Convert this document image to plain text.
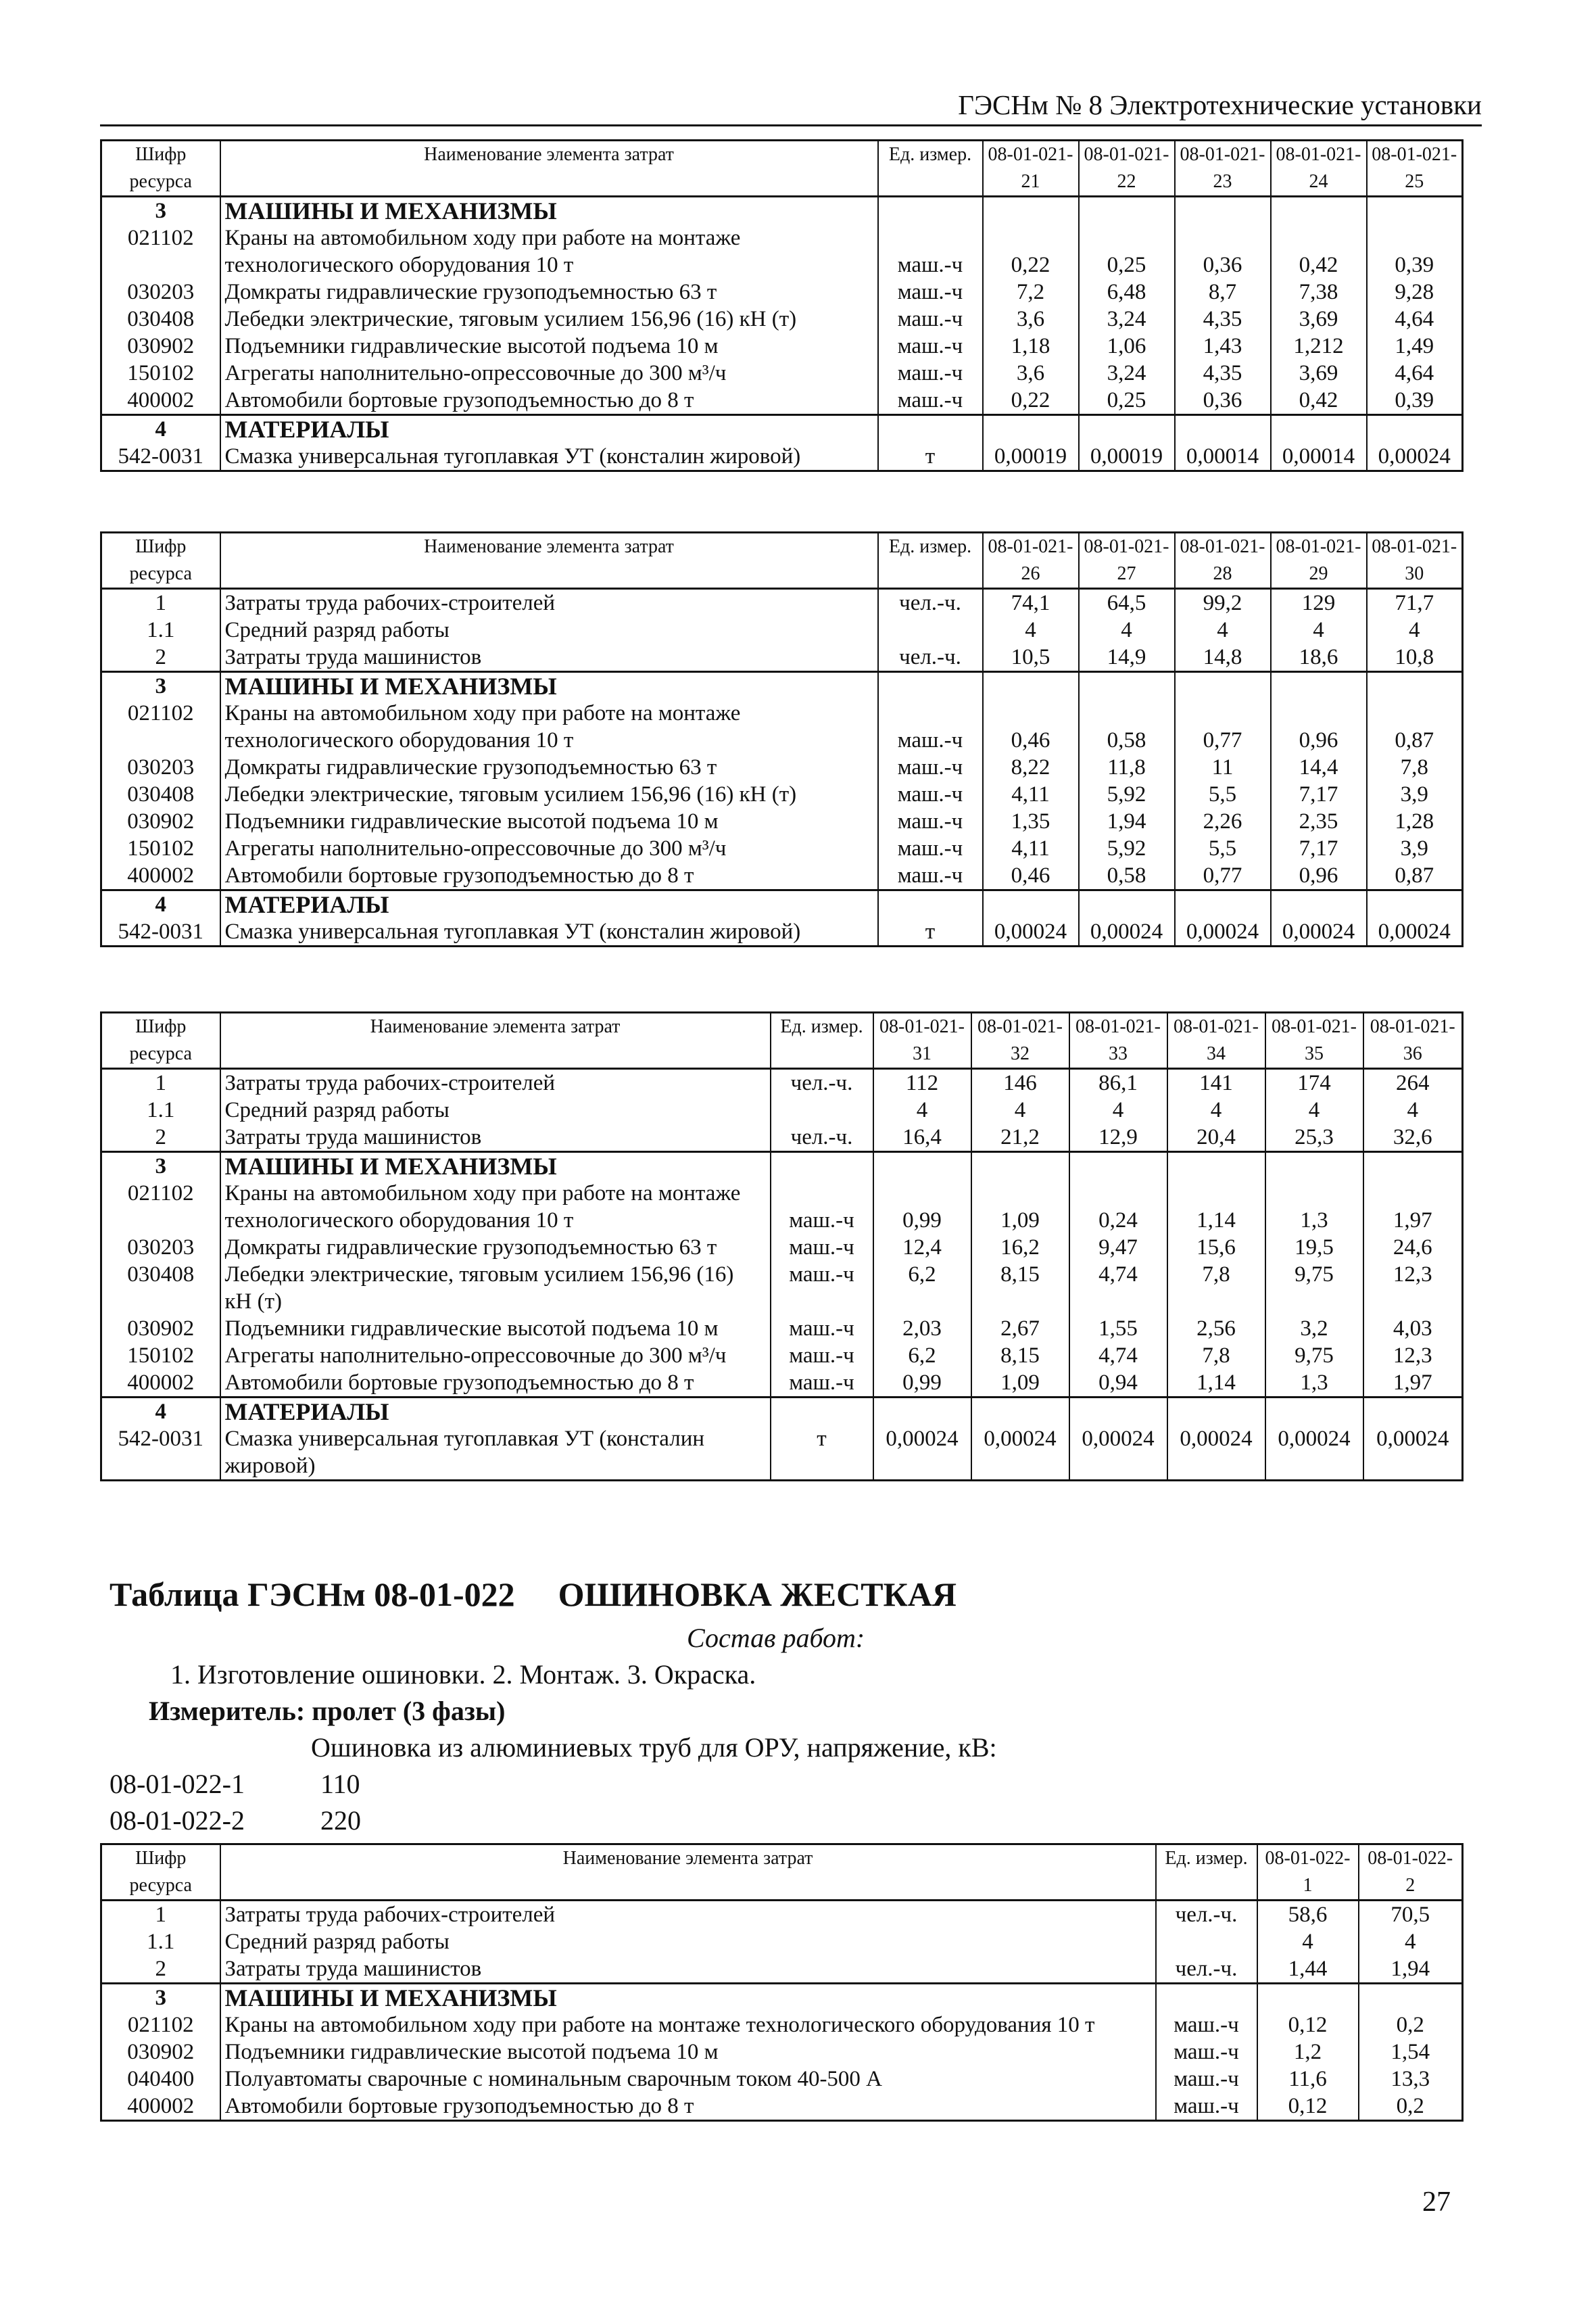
ГЭСНм № 8 Электротехнические установки
Шифр ресурса	Наименование элемента затрат	Ед. измер.	08-01-021-21	08-01-021-22	08-01-021-23	08-01-021-24	08-01-021-25
3	МАШИНЫ И МЕХАНИЗМЫ						
021102	Краны на автомобильном ходу при работе на монтаже технологического оборудования 10 т	маш.-ч	0,22	0,25	0,36	0,42	0,39
030203	Домкраты гидравлические грузоподъемностью 63 т	маш.-ч	7,2	6,48	8,7	7,38	9,28
030408	Лебедки электрические, тяговым усилием 156,96 (16) кН (т)	маш.-ч	3,6	3,24	4,35	3,69	4,64
030902	Подъемники гидравлические высотой подъема 10 м	маш.-ч	1,18	1,06	1,43	1,212	1,49
150102	Агрегаты наполнительно-опрессовочные до 300 м³/ч	маш.-ч	3,6	3,24	4,35	3,69	4,64
400002	Автомобили бортовые грузоподъемностью до 8 т	маш.-ч	0,22	0,25	0,36	0,42	0,39
4	МАТЕРИАЛЫ						
542-0031	Смазка универсальная тугоплавкая УТ (консталин жировой)	т	0,00019	0,00019	0,00014	0,00014	0,00024
Шифр ресурса	Наименование элемента затрат	Ед. измер.	08-01-021-26	08-01-021-27	08-01-021-28	08-01-021-29	08-01-021-30
1	Затраты труда рабочих-строителей	чел.-ч.	74,1	64,5	99,2	129	71,7
1.1	Средний разряд работы		4	4	4	4	4
2	Затраты труда машинистов	чел.-ч.	10,5	14,9	14,8	18,6	10,8
3	МАШИНЫ И МЕХАНИЗМЫ						
021102	Краны на автомобильном ходу при работе на монтаже технологического оборудования 10 т	маш.-ч	0,46	0,58	0,77	0,96	0,87
030203	Домкраты гидравлические грузоподъемностью 63 т	маш.-ч	8,22	11,8	11	14,4	7,8
030408	Лебедки электрические, тяговым усилием 156,96 (16) кН (т)	маш.-ч	4,11	5,92	5,5	7,17	3,9
030902	Подъемники гидравлические высотой подъема 10 м	маш.-ч	1,35	1,94	2,26	2,35	1,28
150102	Агрегаты наполнительно-опрессовочные до 300 м³/ч	маш.-ч	4,11	5,92	5,5	7,17	3,9
400002	Автомобили бортовые грузоподъемностью до 8 т	маш.-ч	0,46	0,58	0,77	0,96	0,87
4	МАТЕРИАЛЫ						
542-0031	Смазка универсальная тугоплавкая УТ (консталин жировой)	т	0,00024	0,00024	0,00024	0,00024	0,00024
Шифр ресурса	Наименование элемента затрат	Ед. измер.	08-01-021-31	08-01-021-32	08-01-021-33	08-01-021-34	08-01-021-35	08-01-021-36
1	Затраты труда рабочих-строителей	чел.-ч.	112	146	86,1	141	174	264
1.1	Средний разряд работы		4	4	4	4	4	4
2	Затраты труда машинистов	чел.-ч.	16,4	21,2	12,9	20,4	25,3	32,6
3	МАШИНЫ И МЕХАНИЗМЫ							
021102	Краны на автомобильном ходу при работе на монтаже технологического оборудования 10 т	маш.-ч	0,99	1,09	0,24	1,14	1,3	1,97
030203	Домкраты гидравлические грузоподъемностью 63 т	маш.-ч	12,4	16,2	9,47	15,6	19,5	24,6
030408	Лебедки электрические, тяговым усилием 156,96 (16) кН (т)	маш.-ч	6,2	8,15	4,74	7,8	9,75	12,3
030902	Подъемники гидравлические высотой подъема 10 м	маш.-ч	2,03	2,67	1,55	2,56	3,2	4,03
150102	Агрегаты наполнительно-опрессовочные до 300 м³/ч	маш.-ч	6,2	8,15	4,74	7,8	9,75	12,3
400002	Автомобили бортовые грузоподъемностью до 8 т	маш.-ч	0,99	1,09	0,94	1,14	1,3	1,97
4	МАТЕРИАЛЫ							
542-0031	Смазка универсальная тугоплавкая УТ (консталин жировой)	т	0,00024	0,00024	0,00024	0,00024	0,00024	0,00024
Таблица ГЭСНм 08-01-022 ОШИНОВКА ЖЕСТКАЯ
Состав работ:
1. Изготовление ошиновки. 2. Монтаж. 3. Окраска.
Измеритель: пролет (3 фазы)
Ошиновка из алюминиевых труб для ОРУ, напряжение, кВ:
08-01-022-1	110
08-01-022-2	220
Шифр ресурса	Наименование элемента затрат	Ед. измер.	08-01-022-1	08-01-022-2
1	Затраты труда рабочих-строителей	чел.-ч.	58,6	70,5
1.1	Средний разряд работы		4	4
2	Затраты труда машинистов	чел.-ч.	1,44	1,94
3	МАШИНЫ И МЕХАНИЗМЫ			
021102	Краны на автомобильном ходу при работе на монтаже технологического оборудования 10 т	маш.-ч	0,12	0,2
030902	Подъемники гидравлические высотой подъема 10 м	маш.-ч	1,2	1,54
040400	Полуавтоматы сварочные с номинальным сварочным током 40-500 А	маш.-ч	11,6	13,3
400002	Автомобили бортовые грузоподъемностью до 8 т	маш.-ч	0,12	0,2
27
